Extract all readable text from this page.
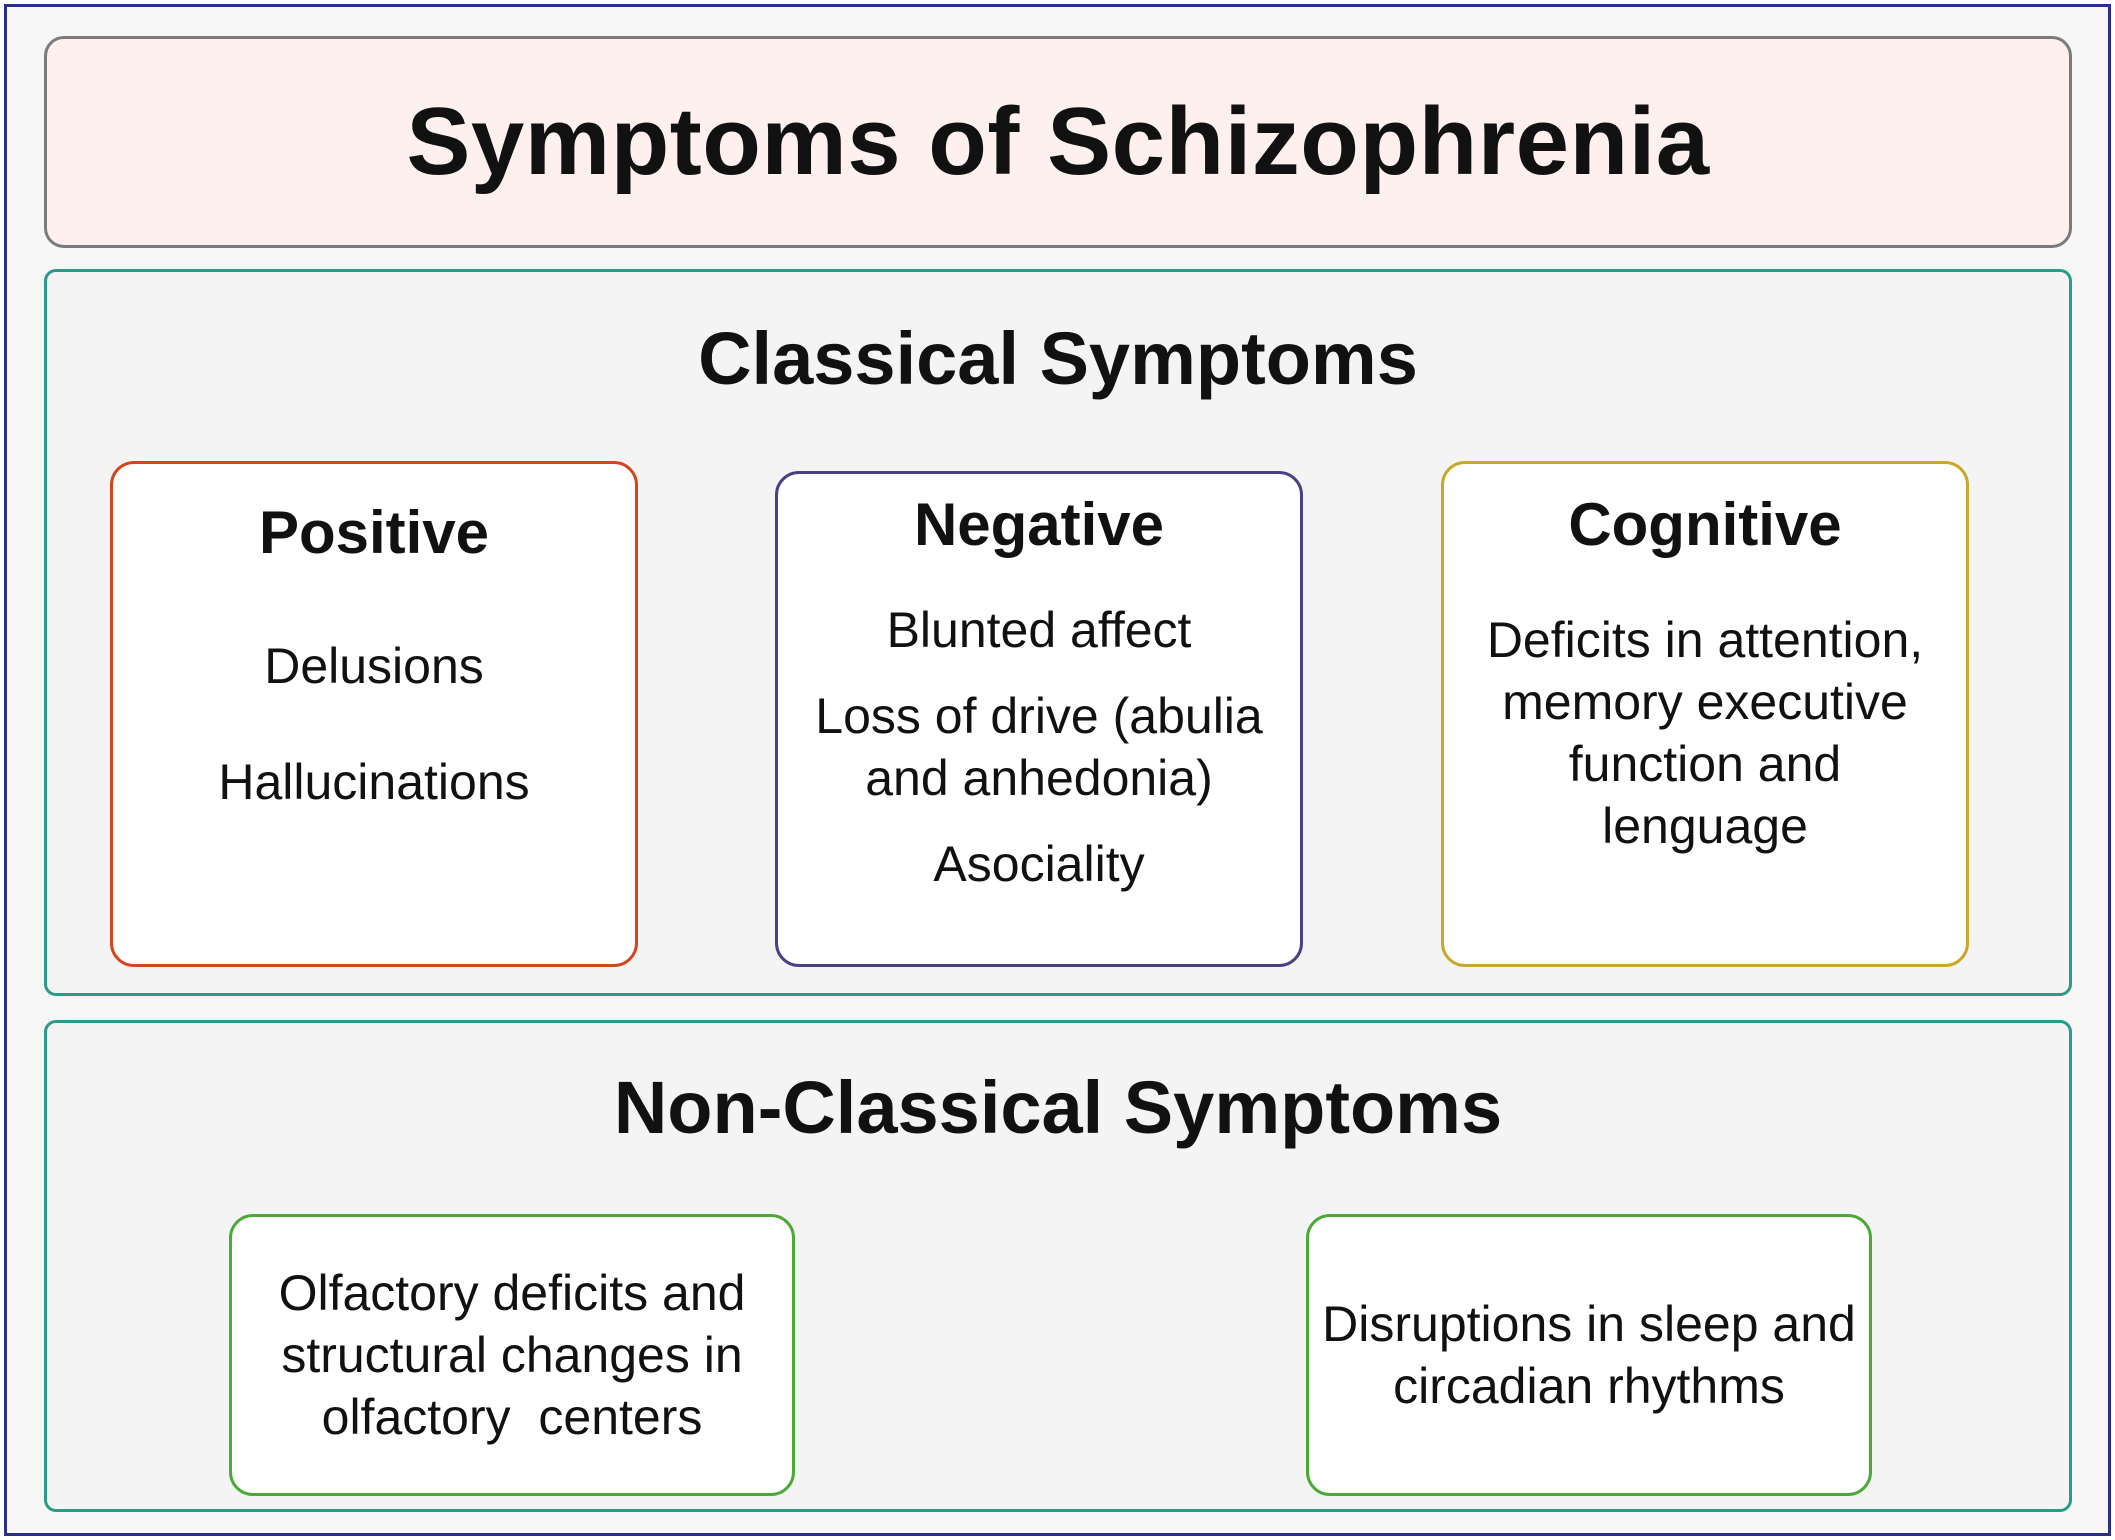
Symptoms of Schizophrenia
Classical Symptoms
Positive
Delusions
Hallucinations
Negative
Blunted affect
Loss of drive (abulia and anhedonia)
Asociality
Cognitive
Deficits in attention, memory executive function and lenguage
Non-Classical Symptoms
Olfactory deficits and structural changes in olfactory  centers
Disruptions in sleep and circadian rhythms
